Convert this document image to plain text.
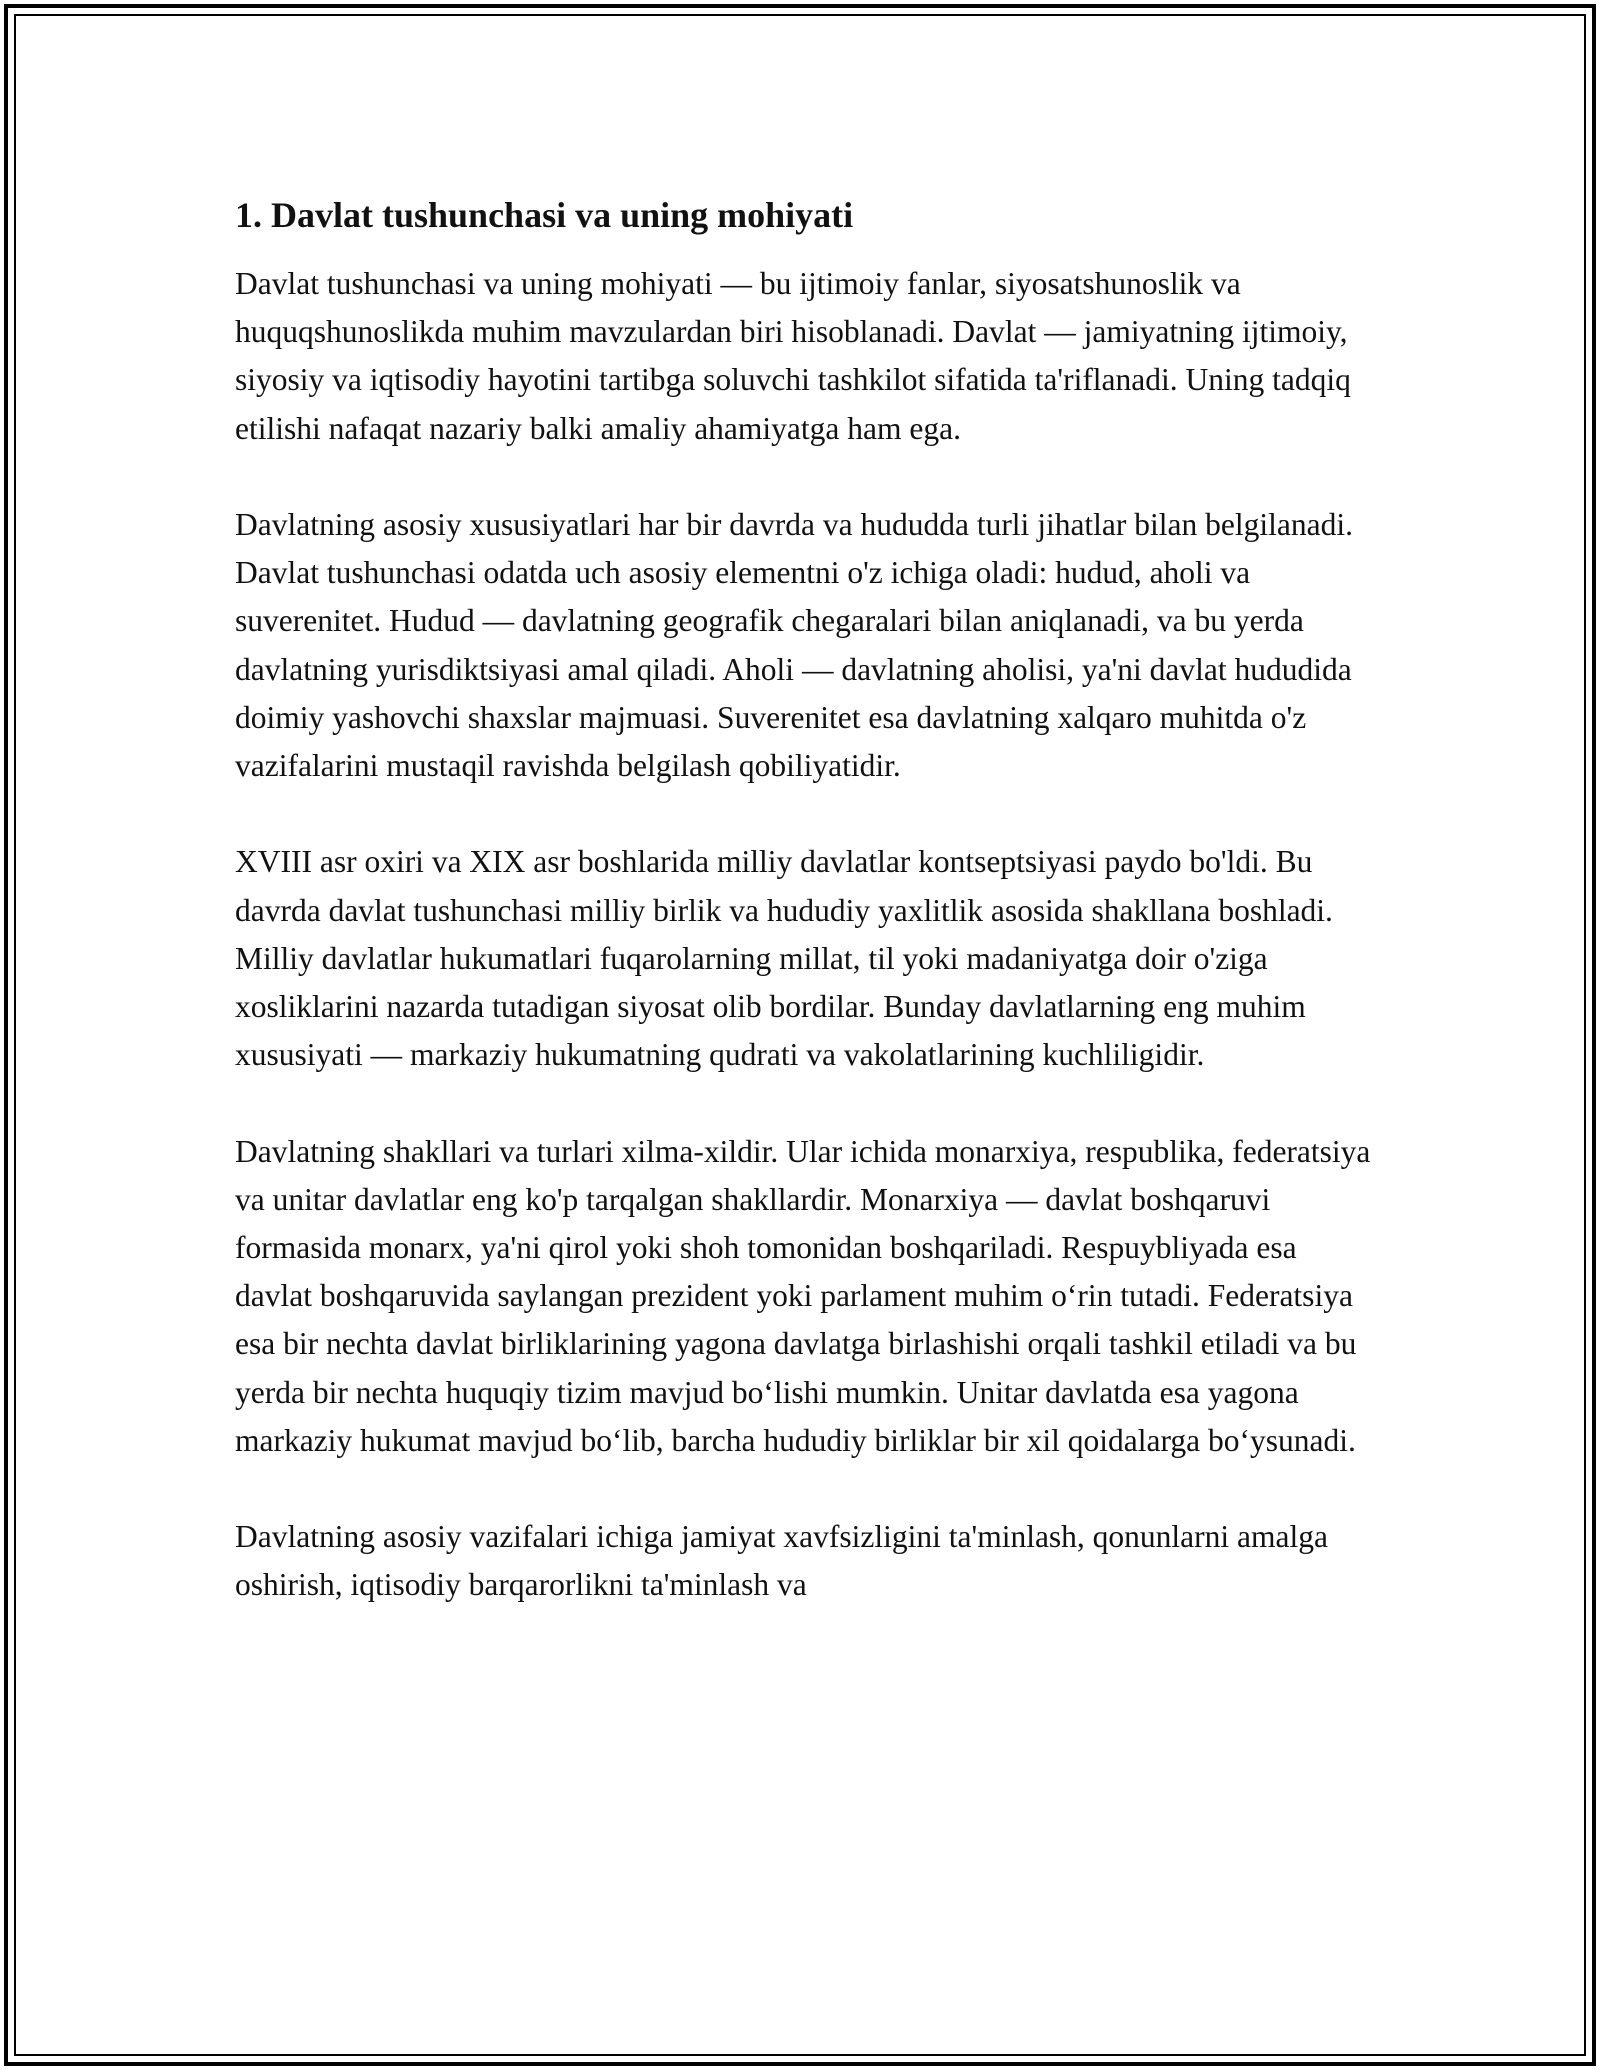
1. Davlat tushunchasi va uning mohiyati

Davlat tushunchasi va uning mohiyati — bu ijtimoiy fanlar, siyosatshunoslik va huquqshunoslikda muhim mavzulardan biri hisoblanadi. Davlat — jamiyatning ijtimoiy, siyosiy va iqtisodiy hayotini tartibga soluvchi tashkilot sifatida ta'riflanadi. Uning tadqiq etilishi nafaqat nazariy balki amaliy ahamiyatga ham ega.

Davlatning asosiy xususiyatlari har bir davrda va hududda turli jihatlar bilan belgilanadi. Davlat tushunchasi odatda uch asosiy elementni o'z ichiga oladi: hudud, aholi va suverenitet. Hudud — davlatning geografik chegaralari bilan aniqlanadi, va bu yerda davlatning yurisdiktsiyasi amal qiladi. Aholi — davlatning aholisi, ya'ni davlat hududida doimiy yashovchi shaxslar majmuasi. Suverenitet esa davlatning xalqaro muhitda o'z vazifalarini mustaqil ravishda belgilash qobiliyatidir.

XVIII asr oxiri va XIX asr boshlarida milliy davlatlar kontseptsiyasi paydo bo'ldi. Bu davrda davlat tushunchasi milliy birlik va hududiy yaxlitlik asosida shakllana boshladi. Milliy davlatlar hukumatlari fuqarolarning millat, til yoki madaniyatga doir o'ziga xosliklarini nazarda tutadigan siyosat olib bordilar. Bunday davlatlarning eng muhim xususiyati — markaziy hukumatning qudrati va vakolatlarining kuchliligidir.

Davlatning shakllari va turlari xilma-xildir. Ular ichida monarxiya, respublika, federatsiya va unitar davlatlar eng ko'p tarqalgan shakllardir. Monarxiya — davlat boshqaruvi formasida monarx, ya'ni qirol yoki shoh tomonidan boshqariladi. Respuybliyada esa davlat boshqaruvida saylangan prezident yoki parlament muhim oʻrin tutadi. Federatsiya esa bir nechta davlat birliklarining yagona davlatga birlashishi orqali tashkil etiladi va bu yerda bir nechta huquqiy tizim mavjud boʻlishi mumkin. Unitar davlatda esa yagona markaziy hukumat mavjud boʻlib, barcha hududiy birliklar bir xil qoidalarga boʻysunadi.

Davlatning asosiy vazifalari ichiga jamiyat xavfsizligini ta'minlash, qonunlarni amalga oshirish, iqtisodiy barqarorlikni ta'minlash va
